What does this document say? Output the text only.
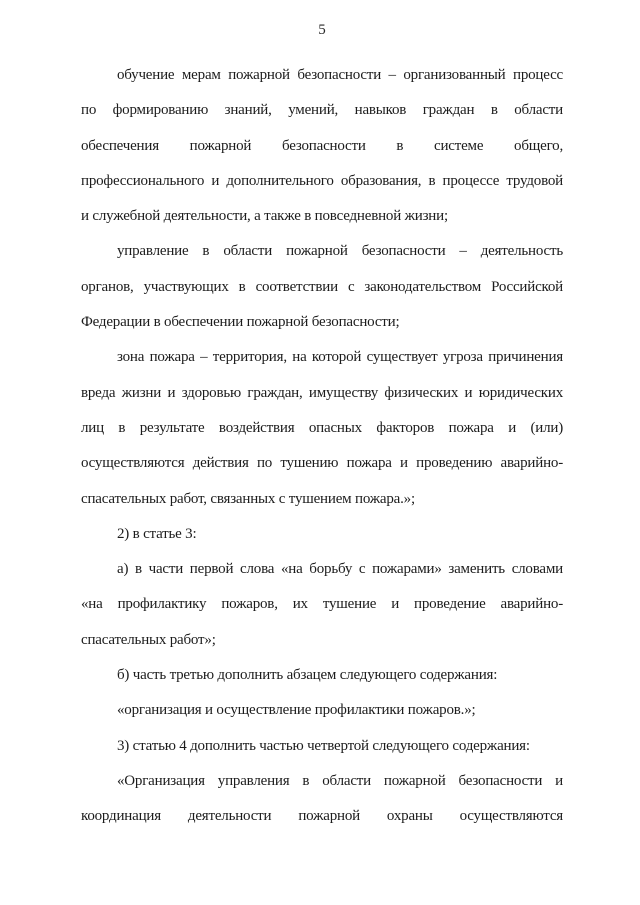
5
обучение мерам пожарной безопасности – организованный процесс
по формированию знаний, умений, навыков граждан в области
обеспечения пожарной безопасности в системе общего,
профессионального и дополнительного образования, в процессе трудовой
и служебной деятельности, а также в повседневной жизни;
управление в области пожарной безопасности – деятельность
органов, участвующих в соответствии с законодательством Российской
Федерации в обеспечении пожарной безопасности;
зона пожара – территория, на которой существует угроза причинения
вреда жизни и здоровью граждан, имуществу физических и юридических
лиц в результате воздействия опасных факторов пожара и (или)
осуществляются действия по тушению пожара и проведению аварийно-
спасательных работ, связанных с тушением пожара.»;
2) в статье 3:
а) в части первой слова «на борьбу с пожарами» заменить словами
«на профилактику пожаров, их тушение и проведение аварийно-
спасательных работ»;
б) часть третью дополнить абзацем следующего содержания:
«организация и осуществление профилактики пожаров.»;
3) статью 4 дополнить частью четвертой следующего содержания:
«Организация управления в области пожарной безопасности и
координация деятельности пожарной охраны осуществляются
